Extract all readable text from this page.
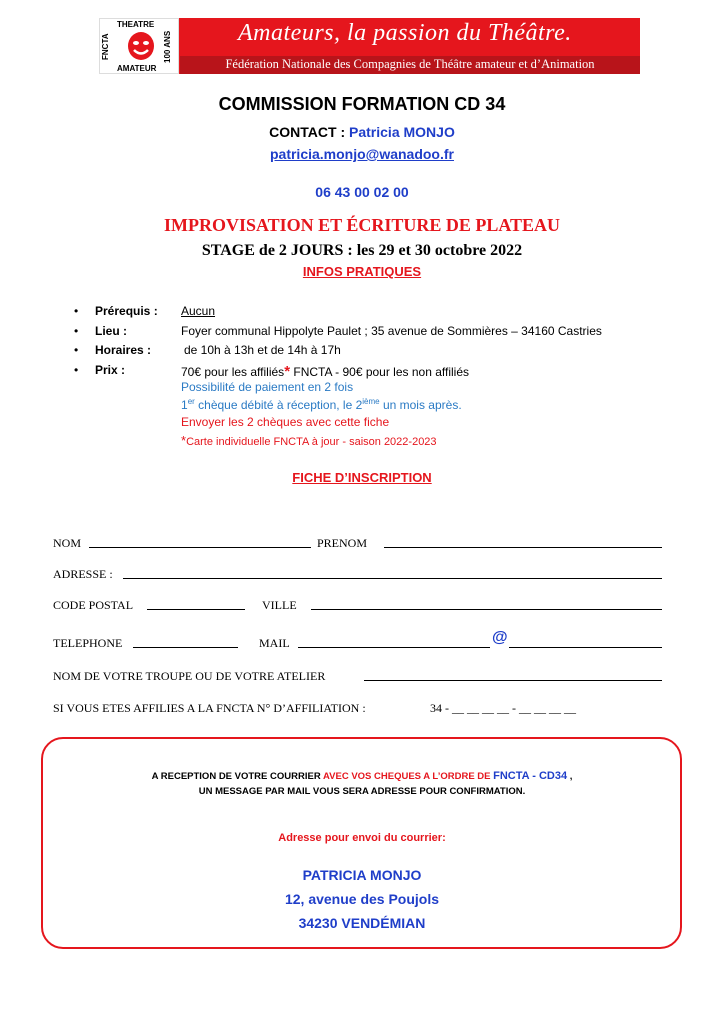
FNCTA
THEATRE
AMATEUR
100 ANS	Amateurs, la passion du Théâtre.
Fédération Nationale des Compagnies de Théâtre amateur et d’Animation
COMMISSION FORMATION CD 34
CONTACT : Patricia MONJO
patricia.monjo@wanadoo.fr
06 43 00 02 00
IMPROVISATION ET ÉCRITURE DE PLATEAU
STAGE de 2 JOURS : les 29 et 30 octobre 2022
INFOS PRATIQUES
• Prérequis : Aucun
• Lieu :	Foyer communal Hippolyte Paulet ; 35 avenue de Sommières – 34160 Castries
• Horaires :	de 10h à 13h et de 14h à 17h
• Prix :	70€ pour les affiliés* FNCTA - 90€ pour les non affiliés
Possibilité de paiement en 2 fois
1er chèque débité à réception, le 2ième un mois après.
Envoyer les 2 chèques avec cette fiche
*Carte individuelle FNCTA à jour - saison 2022-2023
FICHE D’INSCRIPTION
NOM	PRENOM
ADRESSE :
CODE POSTAL	VILLE
TELEPHONE	MAIL	@
NOM DE VOTRE TROUPE OU DE VOTRE ATELIER
SI VOUS ETES AFFILIES A LA FNCTA N° D’AFFILIATION :	34 - __ __ __ __ - __ __ __ __
A RECEPTION DE VOTRE COURRIER AVEC VOS CHEQUES A L’ORDRE DE FNCTA - CD34 ,
UN MESSAGE PAR MAIL VOUS SERA ADRESSE POUR CONFIRMATION.
Adresse pour envoi du courrier:
PATRICIA MONJO
12, avenue des Poujols
34230 VENDÉMIAN
